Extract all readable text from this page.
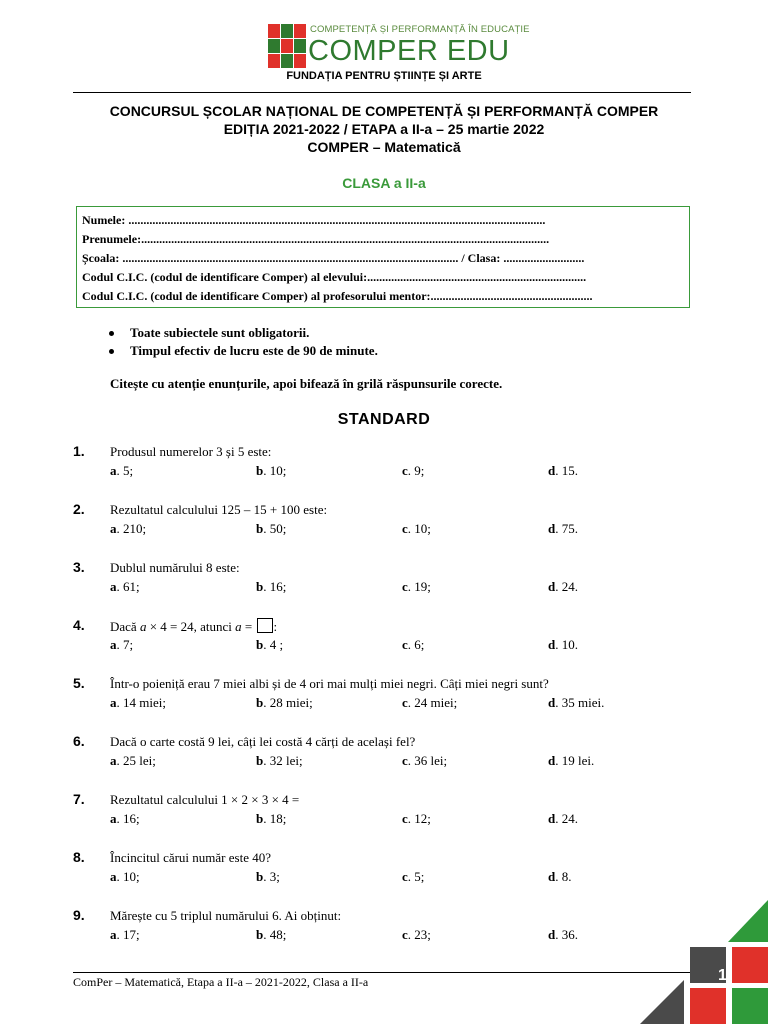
COMPETENȚĂ ȘI PERFORMANȚĂ ÎN EDUCAȚIE
COMPER EDU
FUNDAȚIA PENTRU ȘTIINȚE ȘI ARTE
CONCURSUL ȘCOLAR NAȚIONAL DE COMPETENȚĂ ȘI PERFORMANȚĂ COMPER
EDIȚIA 2021-2022 / ETAPA a II-a – 25 martie 2022
COMPER – Matematică
CLASA a II-a
Numele: ...........................................................................................................................................
Prenumele:........................................................................................................................................
Școala: ................................................................................................................ / Clasa: ...........................
Codul C.I.C. (codul de identificare Comper) al elevului:.........................................................................
Codul C.I.C. (codul de identificare Comper) al profesorului mentor:......................................................
Toate subiectele sunt obligatorii.
Timpul efectiv de lucru este de 90 de minute.
Citește cu atenție enunțurile, apoi bifează în grilă răspunsurile corecte.
STANDARD
1. Produsul numerelor 3 și 5 este:
a. 5;	b. 10;	c. 9;	d. 15.
2. Rezultatul calculului 125 – 15 + 100 este:
a. 210;	b. 50;	c. 10;	d. 75.
3. Dublul numărului 8 este:
a. 61;	b. 16;	c. 19;	d. 24.
4. Dacă a × 4 = 24, atunci a = :
a. 7;	b. 4 ;	c. 6;	d. 10.
5. Într-o poieniță erau 7 miei albi și de 4 ori mai mulți miei negri. Câți miei negri sunt?
a. 14 miei;	b. 28 miei;	c. 24 miei;	d. 35 miei.
6. Dacă o carte costă 9 lei, câți lei costă 4 cărți de același fel?
a. 25 lei;	b. 32 lei;	c. 36 lei;	d. 19 lei.
7. Rezultatul calculului 1 × 2 × 3 × 4 =
a. 16;	b. 18;	c. 12;	d. 24.
8. Încincitul cărui număr este 40?
a. 10;	b. 3;	c. 5;	d. 8.
9. Mărește cu 5 triplul numărului 6. Ai obținut:
a. 17;	b. 48;	c. 23;	d. 36.
ComPer – Matematică, Etapa a II-a – 2021-2022, Clasa a II-a	1
